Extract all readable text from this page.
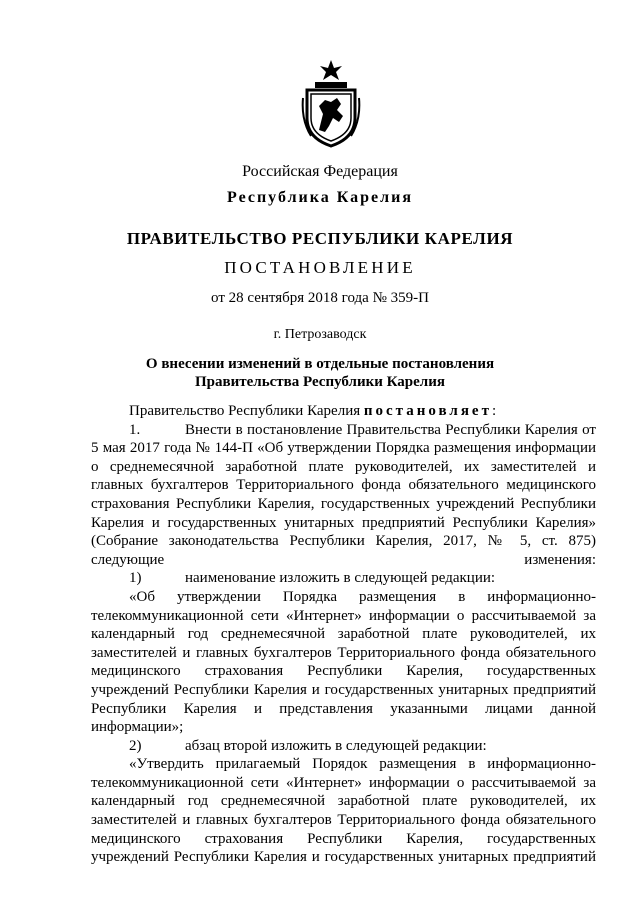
Российская Федерация
Республика Карелия
ПРАВИТЕЛЬСТВО РЕСПУБЛИКИ КАРЕЛИЯ
ПОСТАНОВЛЕНИЕ
от 28 сентября 2018 года № 359-П
г. Петрозаводск
О внесении изменений в отдельные постановления
Правительства Республики Карелия

Правительство Республики Карелия постановляет:

1.	Внести в постановление Правительства Республики Карелия от 5 мая 2017 года № 144-П «Об утверждении Порядка размещения информации о среднемесячной заработной плате руководителей, их заместителей и главных бухгалтеров Территориального фонда обязательного медицинского страхования Республики Карелия, государственных учреждений Республики Карелия и государственных унитарных предприятий Республики Карелия» (Собрание законодательства Республики Карелия, 2017, № 5, ст. 875) следующие изменения:

1)	наименование изложить в следующей редакции:

«Об утверждении Порядка размещения в информационно-телекоммуникационной сети «Интернет» информации о рассчитываемой за календарный год среднемесячной заработной плате руководителей, их заместителей и главных бухгалтеров Территориального фонда обязательного медицинского страхования Республики Карелия, государственных учреждений Республики Карелия и государственных унитарных предприятий Республики Карелия и представления указанными лицами данной информации»;

2)	абзац второй изложить в следующей редакции:

«Утвердить прилагаемый Порядок размещения в информационно-телекоммуникационной сети «Интернет» информации о рассчитываемой за календарный год среднемесячной заработной плате руководителей, их заместителей и главных бухгалтеров Территориального фонда обязательного медицинского страхования Республики Карелия, государственных учреждений Республики Карелия и государственных унитарных предприятий
